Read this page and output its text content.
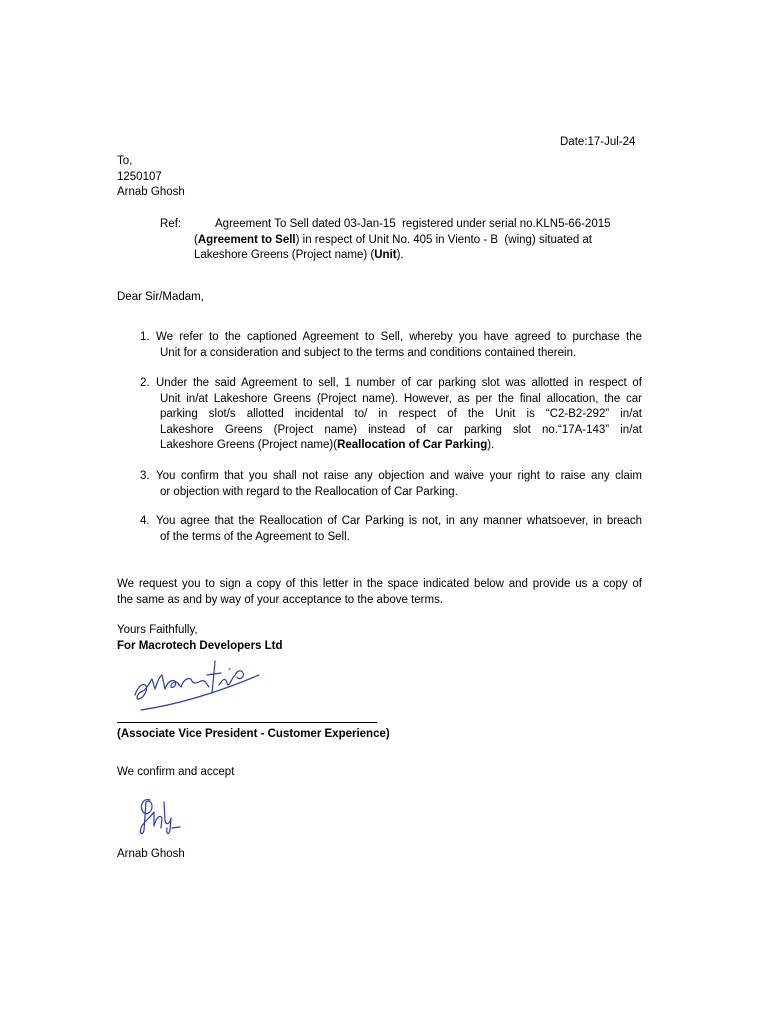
Date:17-Jul-24
To,
1250107
Arnab Ghosh
Ref:	Agreement To Sell dated 03-Jan-15  registered under serial no.KLN5-66-2015
(Agreement to Sell) in respect of Unit No. 405 in Viento - B  (wing) situated at
Lakeshore Greens (Project name) (Unit).
Dear Sir/Madam,
1. We refer to the captioned Agreement to Sell, whereby you have agreed to purchase the
Unit for a consideration and subject to the terms and conditions contained therein.
2. Under the said Agreement to sell, 1 number of car parking slot was allotted in respect of
Unit in/at Lakeshore Greens (Project name). However, as per the final allocation, the car
parking slot/s allotted incidental to/ in respect of the Unit is “C2-B2-292” in/at
Lakeshore Greens (Project name) instead of car parking slot no.“17A-143” in/at
Lakeshore Greens (Project name)(Reallocation of Car Parking).
3. You confirm that you shall not raise any objection and waive your right to raise any claim
or objection with regard to the Reallocation of Car Parking.
4. You agree that the Reallocation of Car Parking is not, in any manner whatsoever, in breach
of the terms of the Agreement to Sell.
We request you to sign a copy of this letter in the space indicated below and provide us a copy of
the same as and by way of your acceptance to the above terms.
Yours Faithfully,
For Macrotech Developers Ltd
(Associate Vice President - Customer Experience)
We confirm and accept
Arnab Ghosh
